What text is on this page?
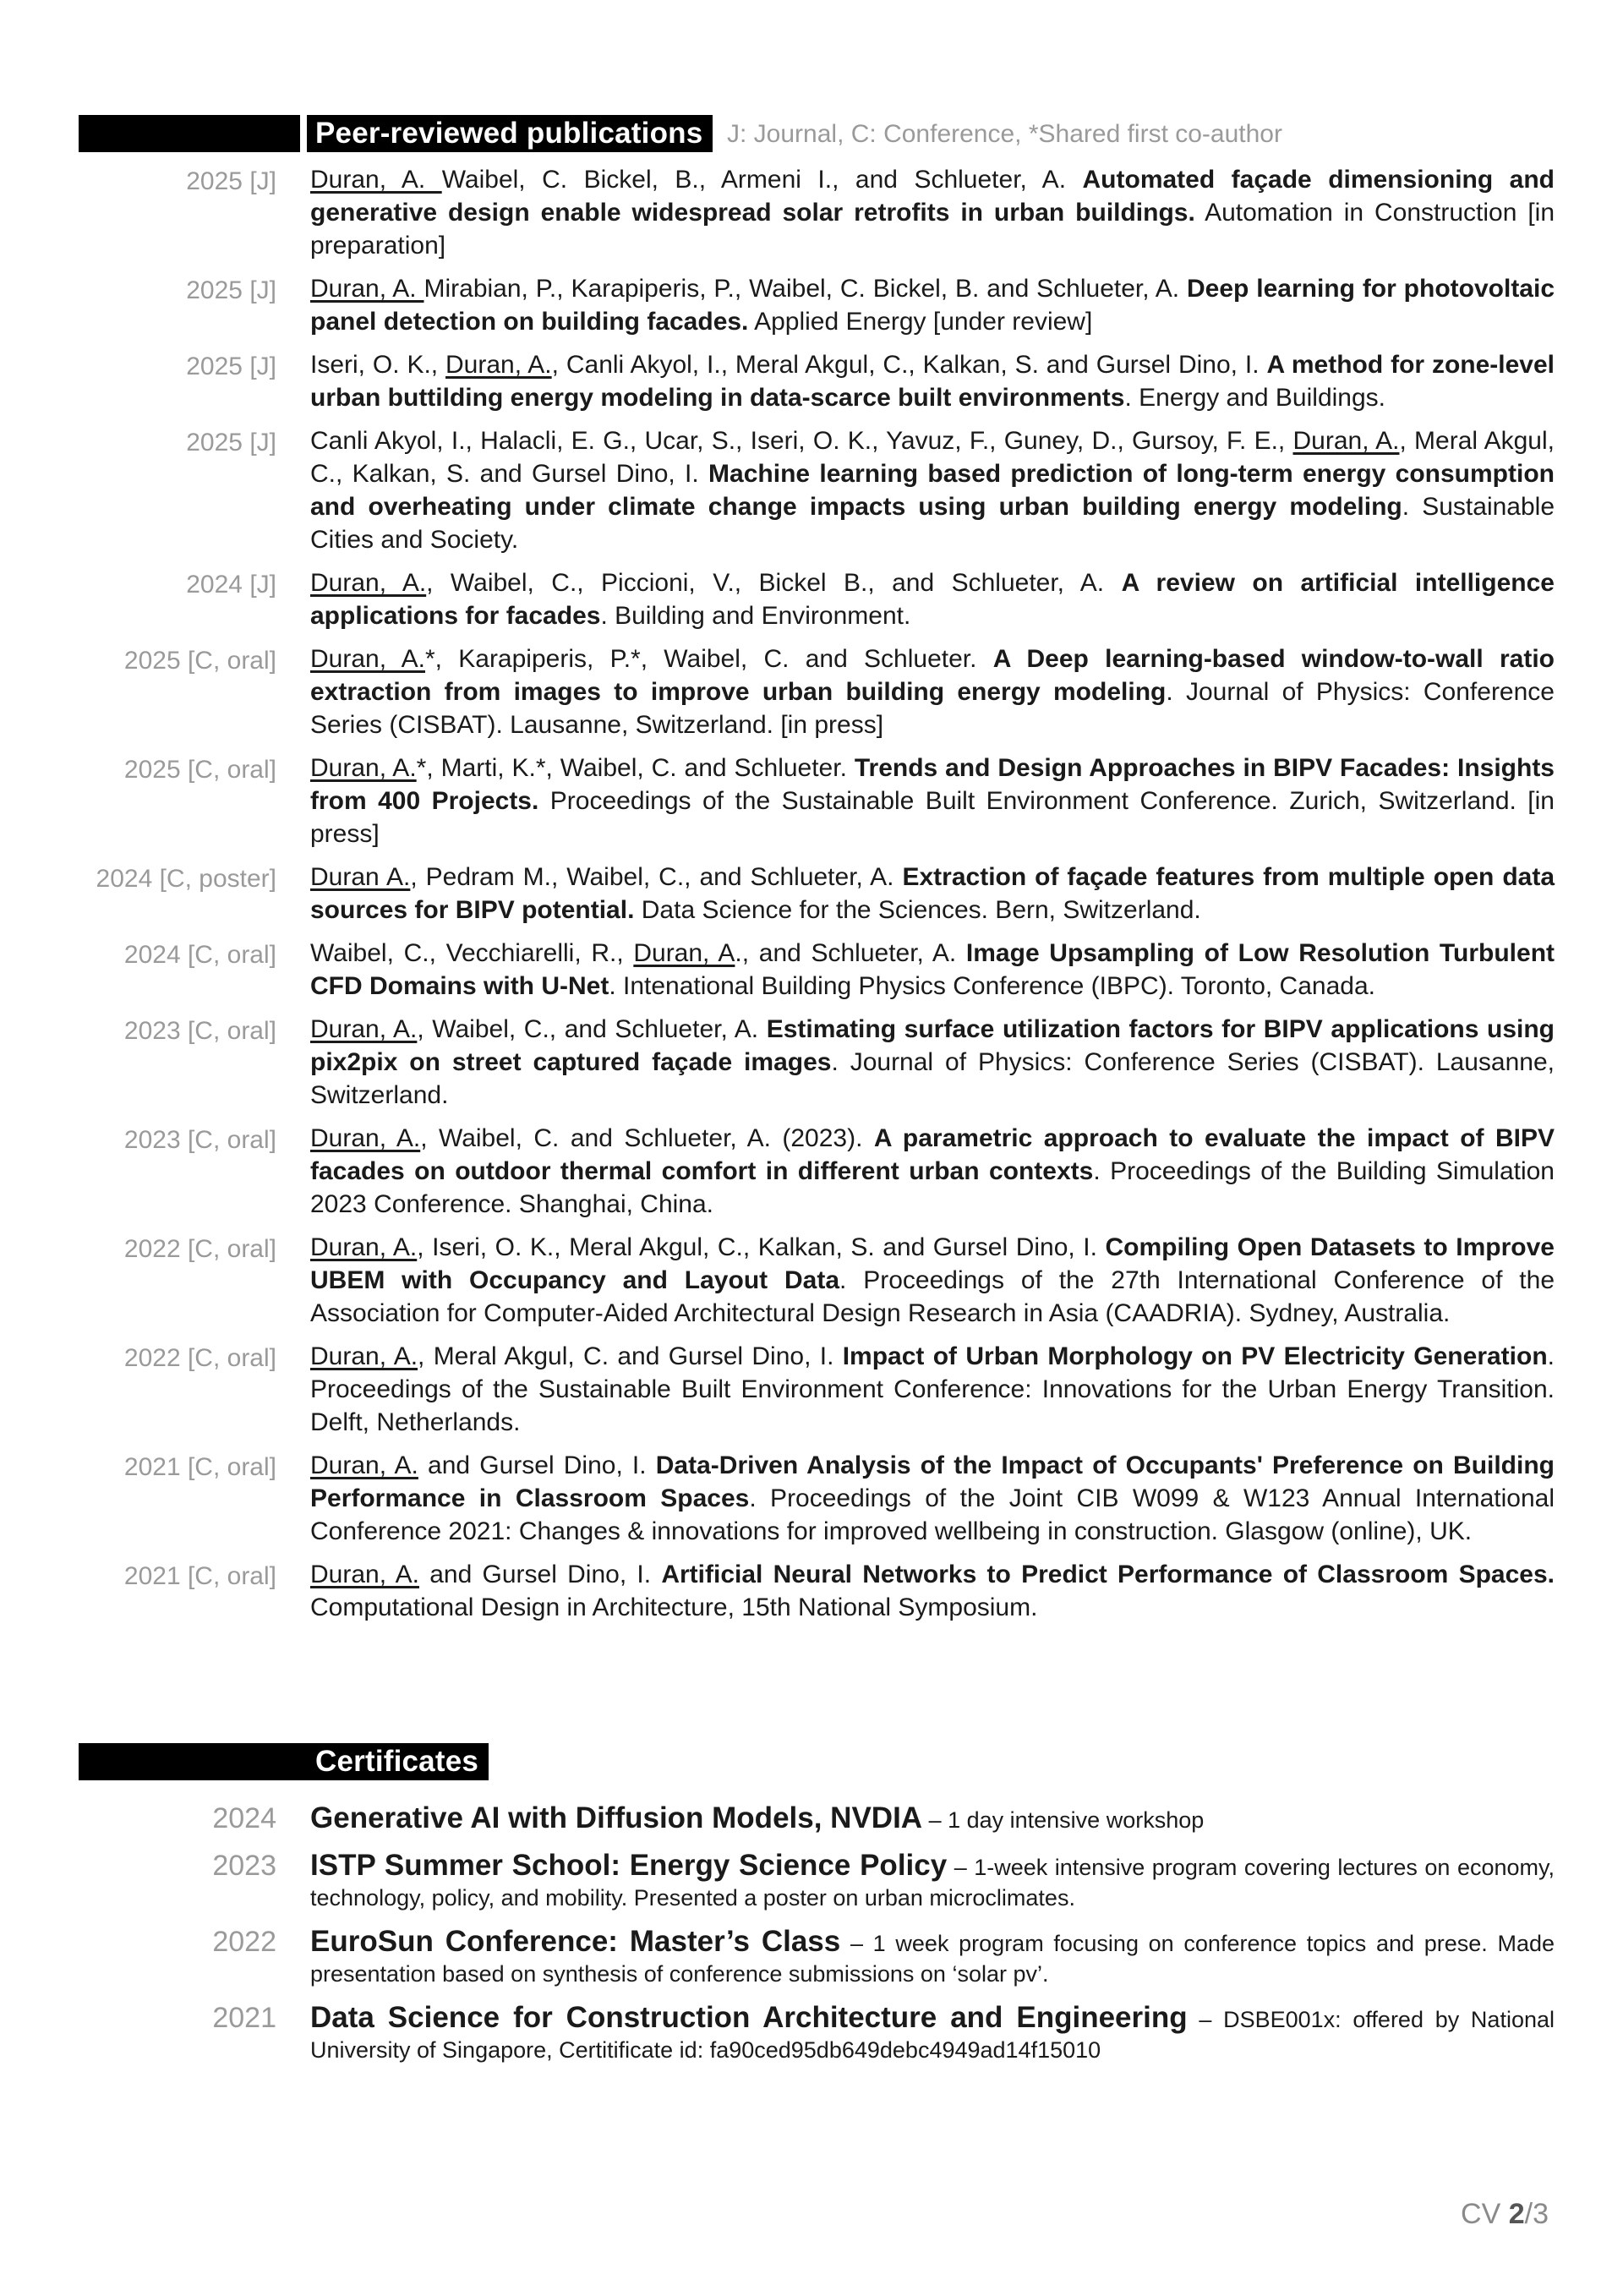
Peer-reviewed publications J: Journal, C: Conference, *Shared first co-author
2025 [J] Duran, A. Waibel, C. Bickel, B., Armeni I., and Schlueter, A. Automated façade dimensioning and generative design enable widespread solar retrofits in urban buildings. Automation in Construction [in preparation]
2025 [J] Duran, A. Mirabian, P., Karapiperis, P., Waibel, C. Bickel, B. and Schlueter, A. Deep learning for photovoltaic panel detection on building facades. Applied Energy [under review]
2025 [J] Iseri, O. K., Duran, A., Canli Akyol, I., Meral Akgul, C., Kalkan, S. and Gursel Dino, I. A method for zone-level urban buttilding energy modeling in data-scarce built environments. Energy and Buildings.
2025 [J] Canli Akyol, I., Halacli, E. G., Ucar, S., Iseri, O. K., Yavuz, F., Guney, D., Gursoy, F. E., Duran, A., Meral Akgul, C., Kalkan, S. and Gursel Dino, I. Machine learning based prediction of long-term energy consumption and overheating under climate change impacts using urban building energy modeling. Sustainable Cities and Society.
2024 [J] Duran, A., Waibel, C., Piccioni, V., Bickel B., and Schlueter, A. A review on artificial intelligence applications for facades. Building and Environment.
2025 [C, oral] Duran, A.*, Karapiperis, P.*, Waibel, C. and Schlueter. A Deep learning-based window-to-wall ratio extraction from images to improve urban building energy modeling. Journal of Physics: Conference Series (CISBAT). Lausanne, Switzerland. [in press]
2025 [C, oral] Duran, A.*, Marti, K.*, Waibel, C. and Schlueter. Trends and Design Approaches in BIPV Facades: Insights from 400 Projects. Proceedings of the Sustainable Built Environment Conference. Zurich, Switzerland. [in press]
2024 [C, poster] Duran A., Pedram M., Waibel, C., and Schlueter, A. Extraction of façade features from multiple open data sources for BIPV potential. Data Science for the Sciences. Bern, Switzerland.
2024 [C, oral] Waibel, C., Vecchiarelli, R., Duran, A., and Schlueter, A. Image Upsampling of Low Resolution Turbulent CFD Domains with U-Net. Intenational Building Physics Conference (IBPC). Toronto, Canada.
2023 [C, oral] Duran, A., Waibel, C., and Schlueter, A. Estimating surface utilization factors for BIPV applications using pix2pix on street captured façade images. Journal of Physics: Conference Series (CISBAT). Lausanne, Switzerland.
2023 [C, oral] Duran, A., Waibel, C. and Schlueter, A. (2023). A parametric approach to evaluate the impact of BIPV facades on outdoor thermal comfort in different urban contexts. Proceedings of the Building Simulation 2023 Conference. Shanghai, China.
2022 [C, oral] Duran, A., Iseri, O. K., Meral Akgul, C., Kalkan, S. and Gursel Dino, I. Compiling Open Datasets to Improve UBEM with Occupancy and Layout Data. Proceedings of the 27th International Conference of the Association for Computer-Aided Architectural Design Research in Asia (CAADRIA). Sydney, Australia.
2022 [C, oral] Duran, A., Meral Akgul, C. and Gursel Dino, I. Impact of Urban Morphology on PV Electricity Generation. Proceedings of the Sustainable Built Environment Conference: Innovations for the Urban Energy Transition. Delft, Netherlands.
2021 [C, oral] Duran, A. and Gursel Dino, I. Data-Driven Analysis of the Impact of Occupants' Preference on Building Performance in Classroom Spaces. Proceedings of the Joint CIB W099 & W123 Annual International Conference 2021: Changes & innovations for improved wellbeing in construction. Glasgow (online), UK.
2021 [C, oral] Duran, A. and Gursel Dino, I. Artificial Neural Networks to Predict Performance of Classroom Spaces. Computational Design in Architecture, 15th National Symposium.
Certificates
2024 Generative AI with Diffusion Models, NVDIA – 1 day intensive workshop
2023 ISTP Summer School: Energy Science Policy – 1-week intensive program covering lectures on economy, technology, policy, and mobility. Presented a poster on urban microclimates.
2022 EuroSun Conference: Master’s Class – 1 week program focusing on conference topics and prese. Made presentation based on synthesis of conference submissions on ‘solar pv’.
2021 Data Science for Construction Architecture and Engineering – DSBE001x: offered by National University of Singapore, Certitificate id: fa90ced95db649debc4949ad14f15010
CV 2/3
